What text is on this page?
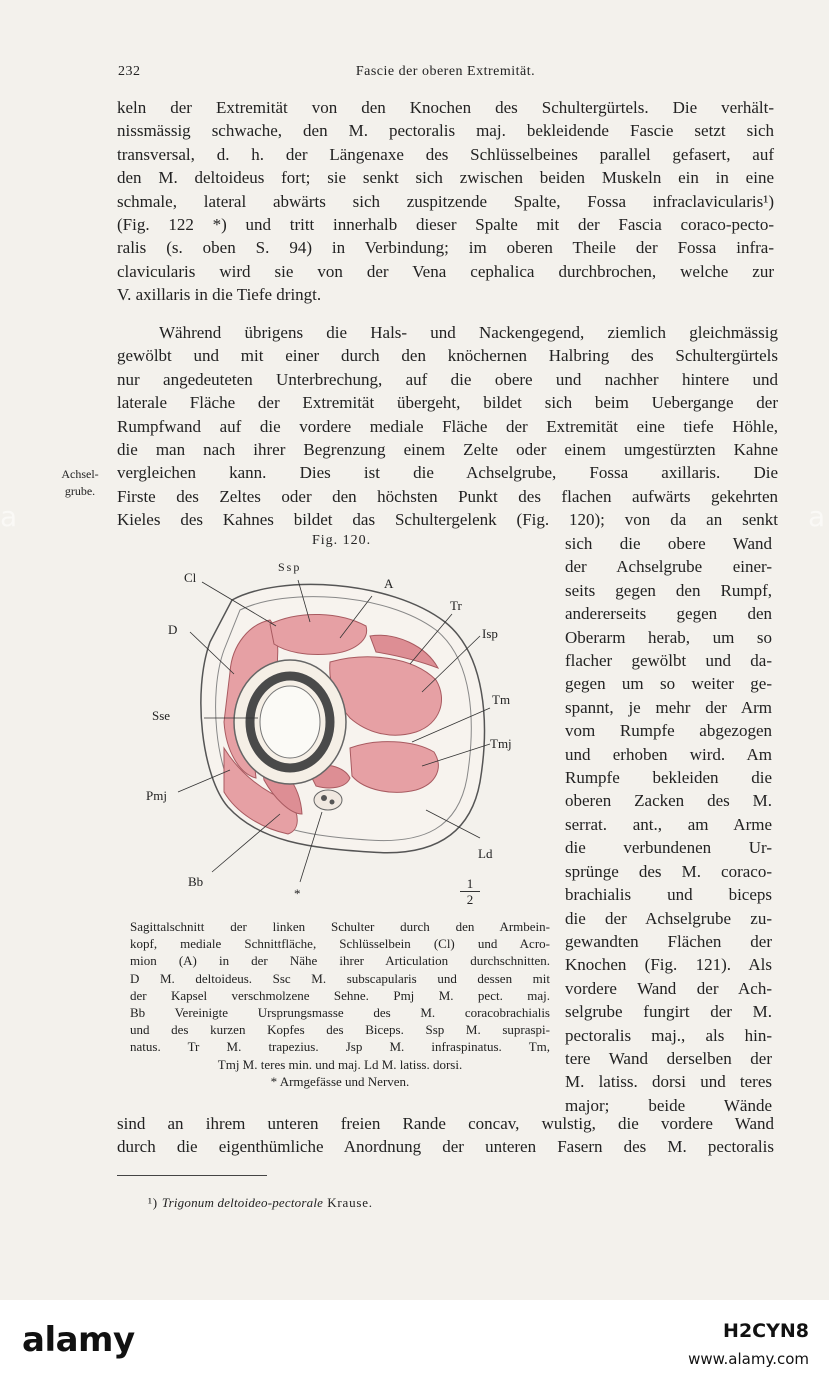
232	Fascie der oberen Extremität.
keln der Extremität von den Knochen des Schultergürtels. Die verhält-
nissmässig schwache, den M. pectoralis maj. bekleidende Fascie setzt sich
transversal, d. h. der Längenaxe des Schlüsselbeines parallel gefasert, auf
den M. deltoideus fort; sie senkt sich zwischen beiden Muskeln ein in eine
schmale, lateral abwärts sich zuspitzende Spalte, Fossa infraclavicularis¹)
(Fig. 122 *) und tritt innerhalb dieser Spalte mit der Fascia coraco-pecto-
ralis (s. oben S. 94) in Verbindung; im oberen Theile der Fossa infra-
clavicularis wird sie von der Vena cephalica durchbrochen, welche zur
V. axillaris in die Tiefe dringt.
Während übrigens die Hals- und Nackengegend, ziemlich gleichmässig
gewölbt und mit einer durch den knöchernen Halbring des Schultergürtels
nur angedeuteten Unterbrechung, auf die obere und nachher hintere und
laterale Fläche der Extremität übergeht, bildet sich beim Uebergange der
Rumpfwand auf die vordere mediale Fläche der Extremität eine tiefe Höhle,
die man nach ihrer Begrenzung einem Zelte oder einem umgestürzten Kahne
vergleichen kann. Dies ist die Achselgrube, Fossa axillaris. Die
Firste des Zeltes oder den höchsten Punkt des flachen aufwärts gekehrten
Kieles des Kahnes bildet das Schultergelenk (Fig. 120); von da an senkt
Achsel-
grube.
Fig. 120.
Cl
Ssp
A
Tr
D	Isp
Sse
Tm
Tmj
Pmj
Ld
Bb
*
1
2
Sagittalschnitt der linken Schulter durch den Armbein-
kopf, mediale Schnittfläche, Schlüsselbein (Cl) und Acro-
mion (A) in der Nähe ihrer Articulation durchschnitten.
D M. deltoideus. Ssc M. subscapularis und dessen mit
der Kapsel verschmolzene Sehne. Pmj M. pect. maj.
Bb Vereinigte Ursprungsmasse des M. coracobrachialis
und des kurzen Kopfes des Biceps. Ssp M. supraspi-
natus. Tr M. trapezius. Jsp M. infraspinatus. Tm,
Tmj M. teres min. und maj. Ld M. latiss. dorsi.
* Armgefässe und Nerven.
sich die obere Wand
der Achselgrube einer-
seits gegen den Rumpf,
andererseits gegen den
Oberarm herab, um so
flacher gewölbt und da-
gegen um so weiter ge-
spannt, je mehr der Arm
vom Rumpfe abgezogen
und erhoben wird. Am
Rumpfe bekleiden die
oberen Zacken des M.
serrat. ant., am Arme
die verbundenen Ur-
sprünge des M. coraco-
brachialis und biceps
die der Achselgrube zu-
gewandten Flächen der
Knochen (Fig. 121). Als
vordere Wand der Ach-
selgrube fungirt der M.
pectoralis maj., als hin-
tere Wand derselben der
M. latiss. dorsi und teres
major; beide Wände
sind an ihrem unteren freien Rande concav, wulstig, die vordere Wand
durch die eigenthümliche Anordnung der unteren Fasern des M. pectoralis
¹) Trigonum deltoideo-pectorale Krause.
a	a
alamy	H2CYN8
www.alamy.com
